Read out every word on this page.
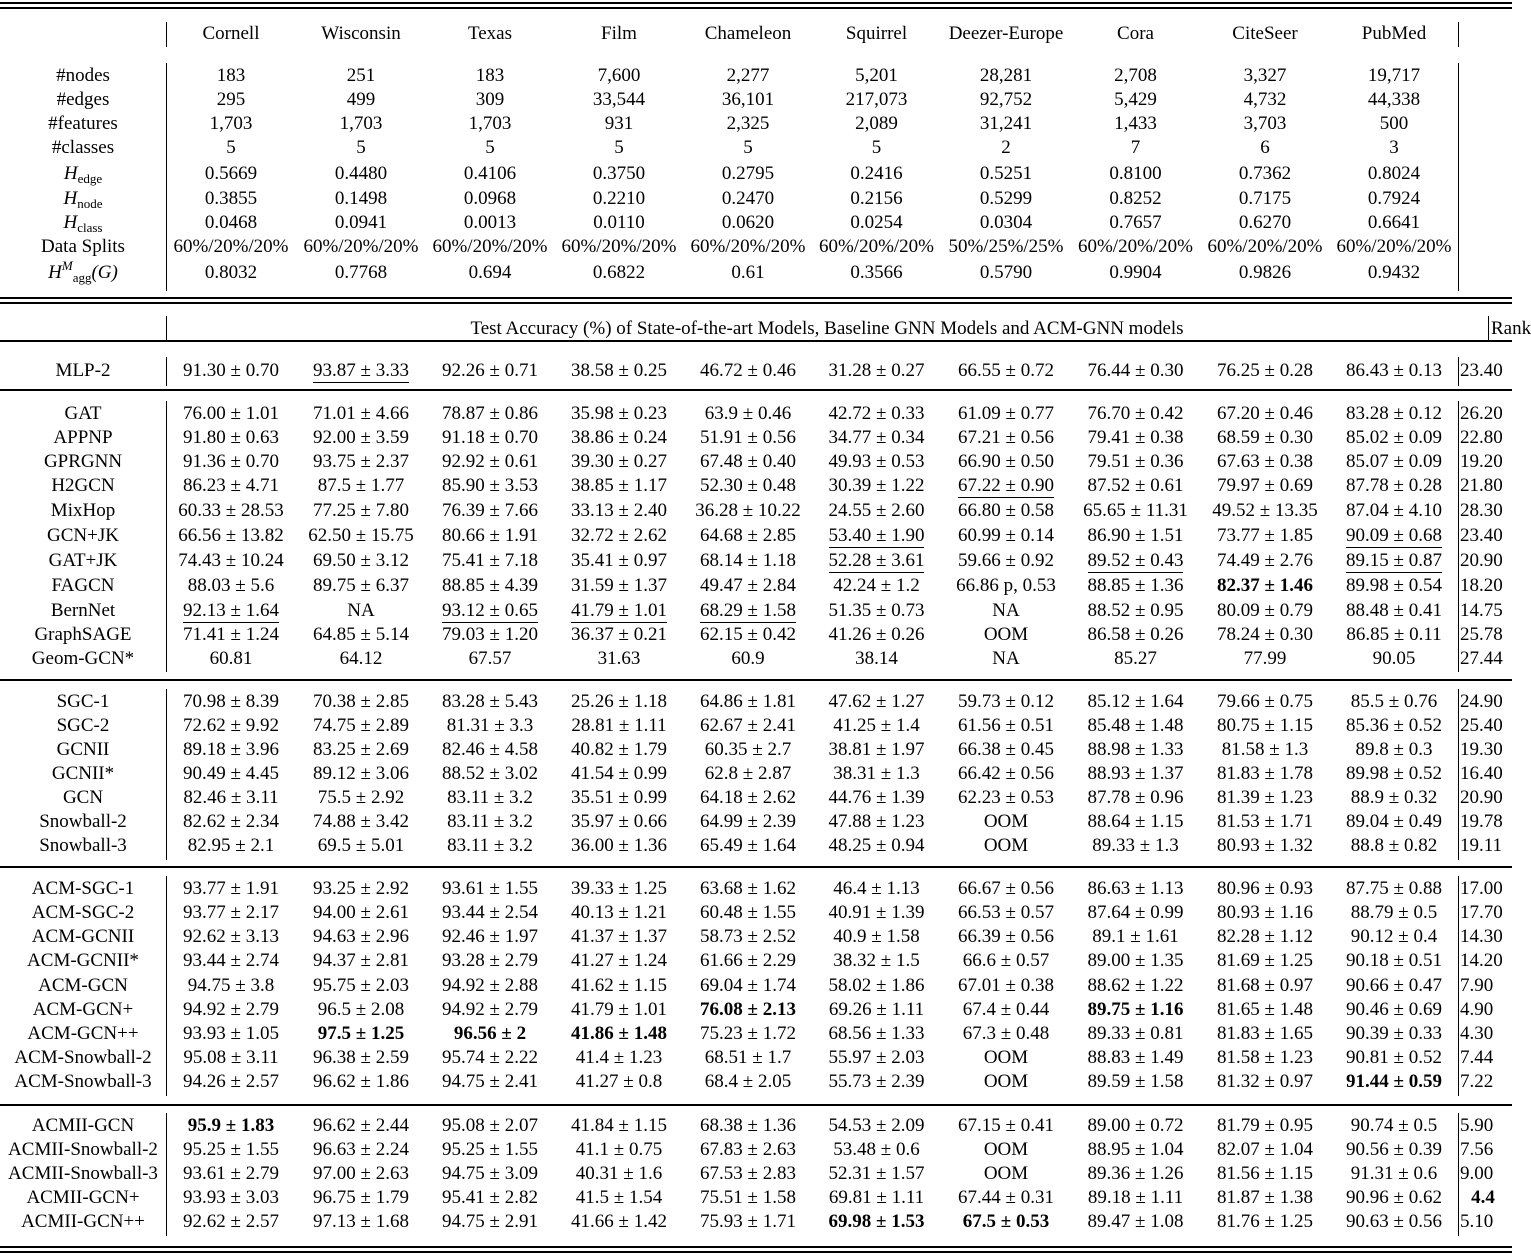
Cornell	Wisconsin	Texas	Film	Chameleon	Squirrel	Deezer-Europe	Cora	CiteSeer	PubMed
#nodes	183	251	183	7,600	2,277	5,201	28,281	2,708	3,327	19,717
#edges	295	499	309	33,544	36,101	217,073	92,752	5,429	4,732	44,338
#features	1,703	1,703	1,703	931	2,325	2,089	31,241	1,433	3,703	500
#classes	5	5	5	5	5	5	2	7	6	3
$H_{edge}$	0.5669	0.4480	0.4106	0.3750	0.2795	0.2416	0.5251	0.8100	0.7362	0.8024
$H_{node}$	0.3855	0.1498	0.0968	0.2210	0.2470	0.2156	0.5299	0.8252	0.7175	0.7924
$H_{class}$	0.0468	0.0941	0.0013	0.0110	0.0620	0.0254	0.0304	0.7657	0.6270	0.6641
Data Splits	60%/20%/20% 60%/20%/20% 60%/20%/20% 60%/20%/20% 60%/20%/20% 60%/20%/20% 50%/25%/25% 60%/20%/20% 60%/20%/20% 60%/20%/20%
$H^M_{agg}(G)$	0.8032	0.7768	0.694	0.6822	0.61	0.3566	0.5790	0.9904	0.9826	0.9432
Test Accuracy (%) of State-of-the-art Models, Baseline GNN Models and ACM-GNN models	Rank
MLP-2	91.30 ± 0.70	93.87 ± 3.33	92.26 ± 0.71	38.58 ± 0.25	46.72 ± 0.46	31.28 ± 0.27	66.55 ± 0.72	76.44 ± 0.30	76.25 ± 0.28	86.43 ± 0.13 23.40
GAT	76.00 ± 1.01	71.01 ± 4.66	78.87 ± 0.86	35.98 ± 0.23	63.9 ± 0.46	42.72 ± 0.33	61.09 ± 0.77	76.70 ± 0.42	67.20 ± 0.46	83.28 ± 0.12 26.20
APPNP	91.80 ± 0.63	92.00 ± 3.59	91.18 ± 0.70	38.86 ± 0.24	51.91 ± 0.56	34.77 ± 0.34	67.21 ± 0.56	79.41 ± 0.38	68.59 ± 0.30	85.02 ± 0.09 22.80
GPRGNN	91.36 ± 0.70	93.75 ± 2.37	92.92 ± 0.61	39.30 ± 0.27	67.48 ± 0.40	49.93 ± 0.53	66.90 ± 0.50	79.51 ± 0.36	67.63 ± 0.38	85.07 ± 0.09 19.20
H2GCN	86.23 ± 4.71	87.5 ± 1.77	85.90 ± 3.53	38.85 ± 1.17	52.30 ± 0.48	30.39 ± 1.22	67.22 ± 0.90	87.52 ± 0.61	79.97 ± 0.69	87.78 ± 0.28 21.80
MixHop	60.33 ± 28.53	77.25 ± 7.80	76.39 ± 7.66	33.13 ± 2.40	36.28 ± 10.22	24.55 ± 2.60	66.80 ± 0.58	65.65 ± 11.31	49.52 ± 13.35	87.04 ± 4.10 28.30
GCN+JK	66.56 ± 13.82	62.50 ± 15.75	80.66 ± 1.91	32.72 ± 2.62	64.68 ± 2.85	53.40 ± 1.90	60.99 ± 0.14	86.90 ± 1.51	73.77 ± 1.85	90.09 ± 0.68 23.40
GAT+JK	74.43 ± 10.24	69.50 ± 3.12	75.41 ± 7.18	35.41 ± 0.97	68.14 ± 1.18	52.28 ± 3.61	59.66 ± 0.92	89.52 ± 0.43	74.49 ± 2.76	89.15 ± 0.87 20.90
FAGCN	88.03 ± 5.6	89.75 ± 6.37	88.85 ± 4.39	31.59 ± 1.37	49.47 ± 2.84	42.24 ± 1.2	66.86 p, 0.53	88.85 ± 1.36	82.37 ± 1.46	89.98 ± 0.54 18.20
BernNet	92.13 ± 1.64	NA	93.12 ± 0.65	41.79 ± 1.01	68.29 ± 1.58	51.35 ± 0.73	NA	88.52 ± 0.95	80.09 ± 0.79	88.48 ± 0.41 14.75
GraphSAGE	71.41 ± 1.24	64.85 ± 5.14	79.03 ± 1.20	36.37 ± 0.21	62.15 ± 0.42	41.26 ± 0.26	OOM	86.58 ± 0.26	78.24 ± 0.30	86.85 ± 0.11 25.78
Geom-GCN*	60.81	64.12	67.57	31.63	60.9	38.14	NA	85.27	77.99	90.05	27.44
SGC-1	70.98 ± 8.39	70.38 ± 2.85	83.28 ± 5.43	25.26 ± 1.18	64.86 ± 1.81	47.62 ± 1.27	59.73 ± 0.12	85.12 ± 1.64	79.66 ± 0.75	85.5 ± 0.76	24.90
SGC-2	72.62 ± 9.92	74.75 ± 2.89	81.31 ± 3.3	28.81 ± 1.11	62.67 ± 2.41	41.25 ± 1.4	61.56 ± 0.51	85.48 ± 1.48	80.75 ± 1.15	85.36 ± 0.52 25.40
GCNII	89.18 ± 3.96	83.25 ± 2.69	82.46 ± 4.58	40.82 ± 1.79	60.35 ± 2.7	38.81 ± 1.97	66.38 ± 0.45	88.98 ± 1.33	81.58 ± 1.3	89.8 ± 0.3	19.30
GCNII*	90.49 ± 4.45	89.12 ± 3.06	88.52 ± 3.02	41.54 ± 0.99	62.8 ± 2.87	38.31 ± 1.3	66.42 ± 0.56	88.93 ± 1.37	81.83 ± 1.78	89.98 ± 0.52 16.40
GCN	82.46 ± 3.11	75.5 ± 2.92	83.11 ± 3.2	35.51 ± 0.99	64.18 ± 2.62	44.76 ± 1.39	62.23 ± 0.53	87.78 ± 0.96	81.39 ± 1.23	88.9 ± 0.32	20.90
Snowball-2	82.62 ± 2.34	74.88 ± 3.42	83.11 ± 3.2	35.97 ± 0.66	64.99 ± 2.39	47.88 ± 1.23	OOM	88.64 ± 1.15	81.53 ± 1.71	89.04 ± 0.49 19.78
Snowball-3	82.95 ± 2.1	69.5 ± 5.01	83.11 ± 3.2	36.00 ± 1.36	65.49 ± 1.64	48.25 ± 0.94	OOM	89.33 ± 1.3	80.93 ± 1.32	88.8 ± 0.82	19.11
ACM-SGC-1	93.77 ± 1.91	93.25 ± 2.92	93.61 ± 1.55	39.33 ± 1.25	63.68 ± 1.62	46.4 ± 1.13	66.67 ± 0.56	86.63 ± 1.13	80.96 ± 0.93	87.75 ± 0.88 17.00
ACM-SGC-2	93.77 ± 2.17	94.00 ± 2.61	93.44 ± 2.54	40.13 ± 1.21	60.48 ± 1.55	40.91 ± 1.39	66.53 ± 0.57	87.64 ± 0.99	80.93 ± 1.16	88.79 ± 0.5	17.70
ACM-GCNII	92.62 ± 3.13	94.63 ± 2.96	92.46 ± 1.97	41.37 ± 1.37	58.73 ± 2.52	40.9 ± 1.58	66.39 ± 0.56	89.1 ± 1.61	82.28 ± 1.12	90.12 ± 0.4	14.30
ACM-GCNII*	93.44 ± 2.74	94.37 ± 2.81	93.28 ± 2.79	41.27 ± 1.24	61.66 ± 2.29	38.32 ± 1.5	66.6 ± 0.57	89.00 ± 1.35	81.69 ± 1.25	90.18 ± 0.51 14.20
ACM-GCN	94.75 ± 3.8	95.75 ± 2.03	94.92 ± 2.88	41.62 ± 1.15	69.04 ± 1.74	58.02 ± 1.86	67.01 ± 0.38	88.62 ± 1.22	81.68 ± 0.97	90.66 ± 0.47 7.90
ACM-GCN+	94.92 ± 2.79	96.5 ± 2.08	94.92 ± 2.79	41.79 ± 1.01	76.08 ± 2.13	69.26 ± 1.11	67.4 ± 0.44	89.75 ± 1.16	81.65 ± 1.48	90.46 ± 0.69 4.90
ACM-GCN++	93.93 ± 1.05	97.5 ± 1.25	96.56 ± 2	41.86 ± 1.48	75.23 ± 1.72	68.56 ± 1.33	67.3 ± 0.48	89.33 ± 0.81	81.83 ± 1.65	90.39 ± 0.33 4.30
ACM-Snowball-2	95.08 ± 3.11	96.38 ± 2.59	95.74 ± 2.22	41.4 ± 1.23	68.51 ± 1.7	55.97 ± 2.03	OOM	88.83 ± 1.49	81.58 ± 1.23	90.81 ± 0.52 7.44
ACM-Snowball-3	94.26 ± 2.57	96.62 ± 1.86	94.75 ± 2.41	41.27 ± 0.8	68.4 ± 2.05	55.73 ± 2.39	OOM	89.59 ± 1.58	81.32 ± 0.97	91.44 ± 0.59 7.22
ACMII-GCN	95.9 ± 1.83	96.62 ± 2.44	95.08 ± 2.07	41.84 ± 1.15	68.38 ± 1.36	54.53 ± 2.09	67.15 ± 0.41	89.00 ± 0.72	81.79 ± 0.95	90.74 ± 0.5	5.90
ACMII-Snowball-2	95.25 ± 1.55	96.63 ± 2.24	95.25 ± 1.55	41.1 ± 0.75	67.83 ± 2.63	53.48 ± 0.6	OOM	88.95 ± 1.04	82.07 ± 1.04	90.56 ± 0.39 7.56
ACMII-Snowball-3	93.61 ± 2.79	97.00 ± 2.63	94.75 ± 3.09	40.31 ± 1.6	67.53 ± 2.83	52.31 ± 1.57	OOM	89.36 ± 1.26	81.56 ± 1.15	91.31 ± 0.6	9.00
ACMII-GCN+	93.93 ± 3.03	96.75 ± 1.79	95.41 ± 2.82	41.5 ± 1.54	75.51 ± 1.58	69.81 ± 1.11	67.44 ± 0.31	89.18 ± 1.11	81.87 ± 1.38	90.96 ± 0.62	4.4
ACMII-GCN++	92.62 ± 2.57	97.13 ± 1.68	94.75 ± 2.91	41.66 ± 1.42	75.93 ± 1.71	69.98 ± 1.53	67.5 ± 0.53	89.47 ± 1.08	81.76 ± 1.25	90.63 ± 0.56 5.10
